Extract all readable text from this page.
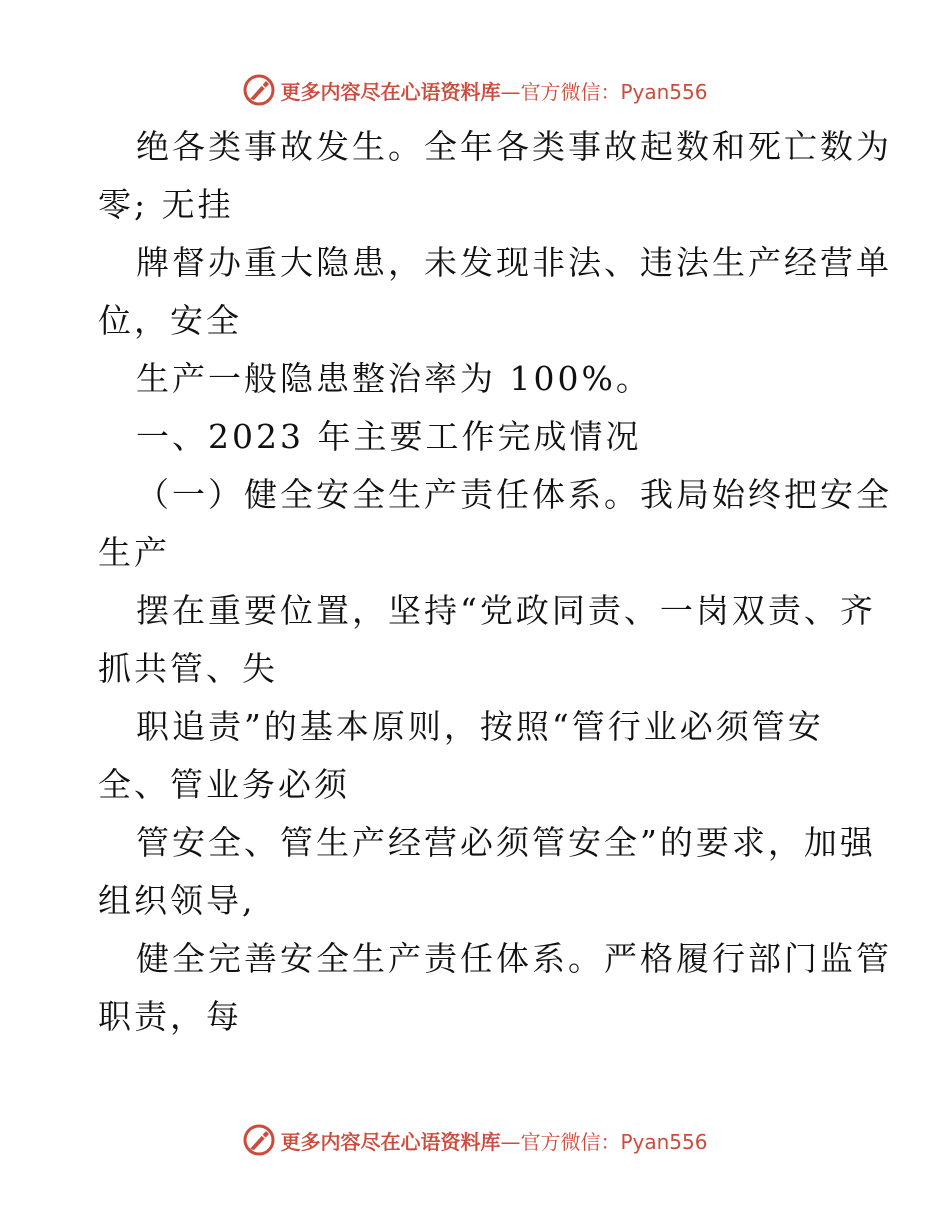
更多内容尽在心语资料库—官方微信：Pyan556
绝各类事故发生。全年各类事故起数和死亡数为
零; 无挂
牌督办重大隐患，未发现非法、违法生产经营单
位，安全
生产一般隐患整治率为 100%。
一、2023 年主要工作完成情况
（一）健全安全生产责任体系。我局始终把安全
生产
摆在重要位置，坚持“党政同责、一岗双责、齐
抓共管、失
职追责”的基本原则，按照“管行业必须管安
全、管业务必须
管安全、管生产经营必须管安全”的要求，加强
组织领导,
健全完善安全生产责任体系。严格履行部门监管
职责，每
更多内容尽在心语资料库—官方微信：Pyan556
